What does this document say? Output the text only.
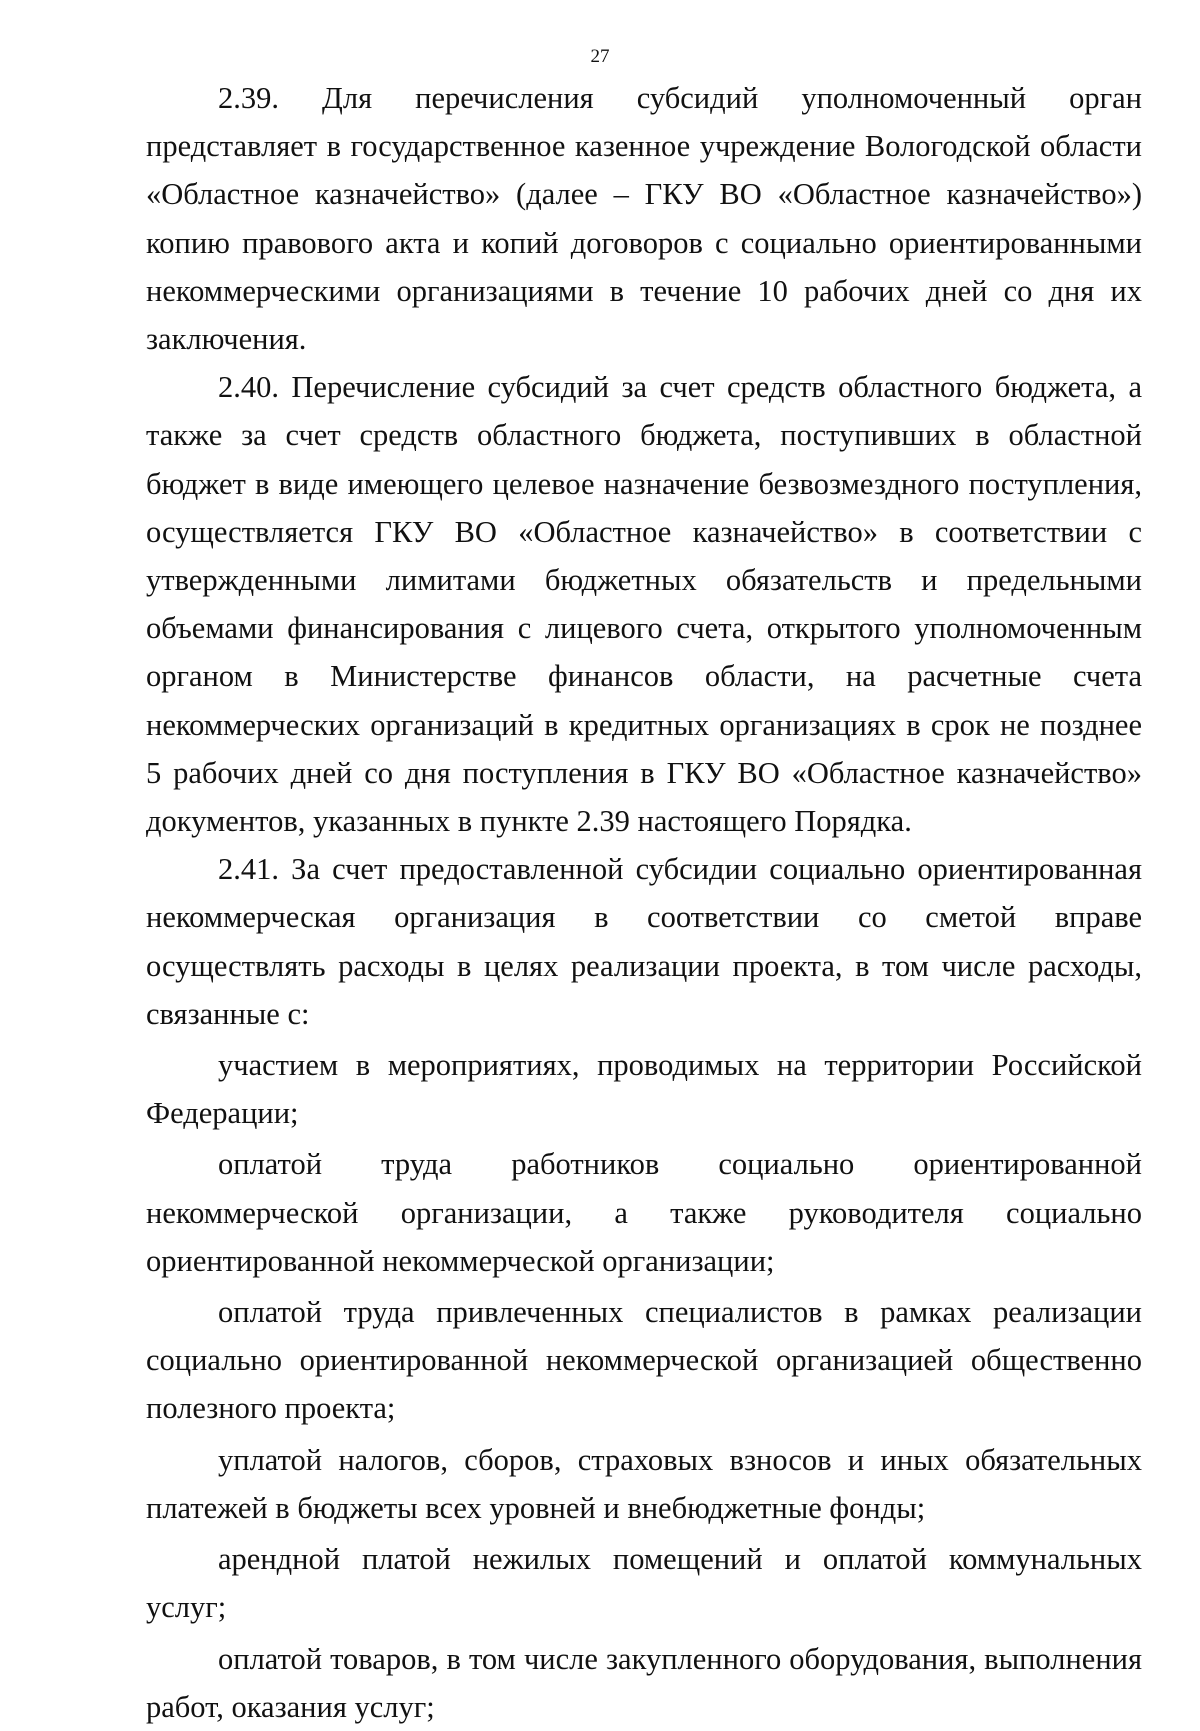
27

2.39. Для перечисления субсидий уполномоченный орган представляет в государственное казенное учреждение Вологодской области «Областное казначейство» (далее – ГКУ ВО «Областное казначейство») копию правового акта и копий договоров с социально ориентированными некоммерческими организациями в течение 10 рабочих дней со дня их заключения.

2.40. Перечисление субсидий за счет средств областного бюджета, а также за счет средств областного бюджета, поступивших в областной бюджет в виде имеющего целевое назначение безвозмездного поступления, осуществляется ГКУ ВО «Областное казначейство» в соответствии с утвержденными лимитами бюджетных обязательств и предельными объемами финансирования с лицевого счета, открытого уполномоченным органом в Министерстве финансов области, на расчетные счета некоммерческих организаций в кредитных организациях в срок не позднее 5 рабочих дней со дня поступления в ГКУ ВО «Областное казначейство» документов, указанных в пункте 2.39 настоящего Порядка.

2.41. За счет предоставленной субсидии социально ориентированная некоммерческая организация в соответствии со сметой вправе осуществлять расходы в целях реализации проекта, в том числе расходы, связанные с:

участием в мероприятиях, проводимых на территории Российской Федерации;

оплатой труда работников социально ориентированной некоммерческой организации, а также руководителя социально ориентированной некоммерческой организации;

оплатой труда привлеченных специалистов в рамках реализации социально ориентированной некоммерческой организацией общественно полезного проекта;

уплатой налогов, сборов, страховых взносов и иных обязательных платежей в бюджеты всех уровней и внебюджетные фонды;

арендной платой нежилых помещений и оплатой коммунальных услуг;

оплатой товаров, в том числе закупленного оборудования, выполнения работ, оказания услуг;
